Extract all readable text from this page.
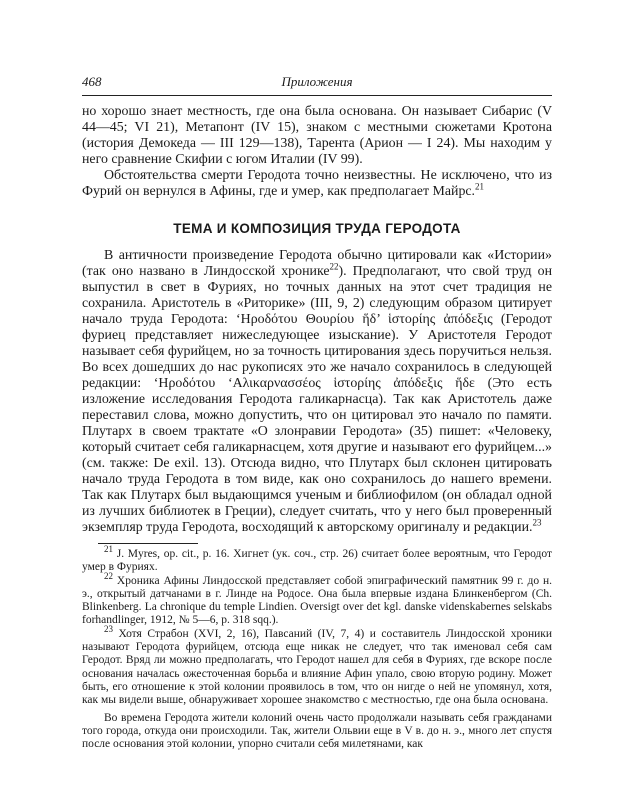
468	Приложения

но хорошо знает местность, где она была основана. Он называет Сибарис (V 44—45; VI 21), Метапонт (IV 15), знаком с местными сюжетами Кротона (история Демокеда — III 129—138), Тарента (Арион — I 24). Мы находим у него сравнение Скифии с югом Италии (IV 99).

Обстоятельства смерти Геродота точно неизвестны. Не исключено, что из Фурий он вернулся в Афины, где и умер, как предполагает Майрс.$^{21}$

ТЕМА И КОМПОЗИЦИЯ ТРУДА ГЕРОДОТА

В античности произведение Геродота обычно цитировали как «Истории» (так оно названо в Линдосской хронике$^{22}$). Предполагают, что свой труд он выпустил в свет в Фуриях, но точных данных на этот счет традиция не сохранила. Аристотель в «Риторике» (III, 9, 2) следующим образом цитирует начало труда Геродота: ‘Ηροδότου Θουρίου ἥδ’ ἱστορίης ἀπόδεξις (Геродот фуриец представляет нижеследующее изыскание). У Аристотеля Геродот называет себя фурийцем, но за точность цитирования здесь поручиться нельзя. Во всех дошедших до нас рукописях это же начало сохранилось в следующей редакции: ‘Ηροδότου ‘Αλικαρνασσέος ἱστορίης ἀπόδεξις ἥδε (Это есть изложение исследования Геродота галикарнасца). Так как Аристотель даже переставил слова, можно допустить, что он цитировал это начало по памяти. Плутарх в своем трактате «О злонравии Геродота» (35) пишет: «Человеку, который считает себя галикарнасцем, хотя другие и называют его фурийцем...» (см. также: De exil. 13). Отсюда видно, что Плутарх был склонен цитировать начало труда Геродота в том виде, как оно сохранилось до нашего времени. Так как Плутарх был выдающимся ученым и библиофилом (он обладал одной из лучших библиотек в Греции), следует считать, что у него был проверенный экземпляр труда Геродота, восходящий к авторскому оригиналу и редакции.$^{23}$

$^{21}$ J. Myres, op. cit., p. 16. Хигнет (ук. соч., стр. 26) считает более вероятным, что Геродот умер в Фуриях.

$^{22}$ Хроника Афины Линдосской представляет собой эпиграфический памятник 99 г. до н. э., открытый датчанами в г. Линде на Родосе. Она была впервые издана Блинкенбергом (Ch. Blinkenberg. La chronique du temple Lindien. Oversigt over det kgl. danske videnskabernes selskabs forhandlinger, 1912, № 5—6, p. 318 sqq.).

$^{23}$ Хотя Страбон (XVI, 2, 16), Павсаний (IV, 7, 4) и составитель Линдосской хроники называют Геродота фурийцем, отсюда еще никак не следует, что так именовал себя сам Геродот. Вряд ли можно предполагать, что Геродот нашел для себя в Фуриях, где вскоре после основания началась ожесточенная борьба и влияние Афин упало, свою вторую родину. Может быть, его отношение к этой колонии проявилось в том, что он нигде о ней не упомянул, хотя, как мы видели выше, обнаруживает хорошее знакомство с местностью, где она была основана.

Во времена Геродота жители колоний очень часто продолжали называть себя гражданами того города, откуда они происходили. Так, жители Ольвии еще в V в. до н. э., много лет спустя после основания этой колонии, упорно считали себя милетянами, как
